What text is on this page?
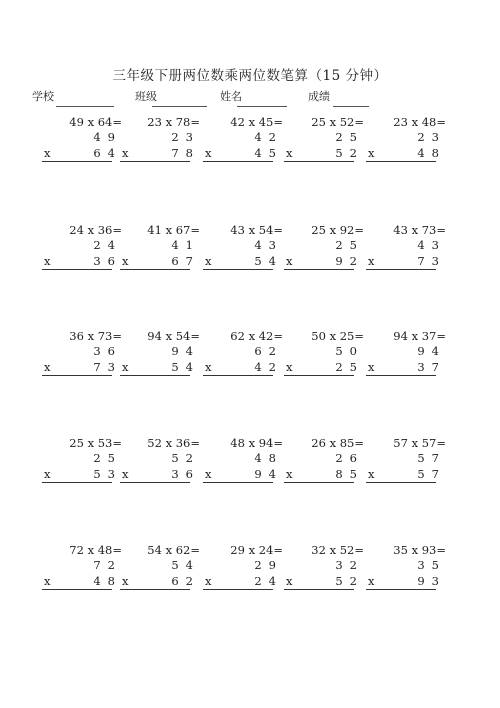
三年级下册两位数乘两位数笔算（15 分钟）
学校	班级	姓名	成绩
49 x 64=
49
x	64
23 x 78=
23
x	78
42 x 45=
42
x	45
25 x 52=
25
x	52
23 x 48=
23
x	48
24 x 36=
24
x	36
41 x 67=
41
x	67
43 x 54=
43
x	54
25 x 92=
25
x	92
43 x 73=
43
x	73
36 x 73=
36
x	73
94 x 54=
94
x	54
62 x 42=
62
x	42
50 x 25=
50
x	25
94 x 37=
94
x	37
25 x 53=
25
x	53
52 x 36=
52
x	36
48 x 94=
48
x	94
26 x 85=
26
x	85
57 x 57=
57
x	57
72 x 48=
72
x	48
54 x 62=
54
x	62
29 x 24=
29
x	24
32 x 52=
32
x	52
35 x 93=
35
x	93
